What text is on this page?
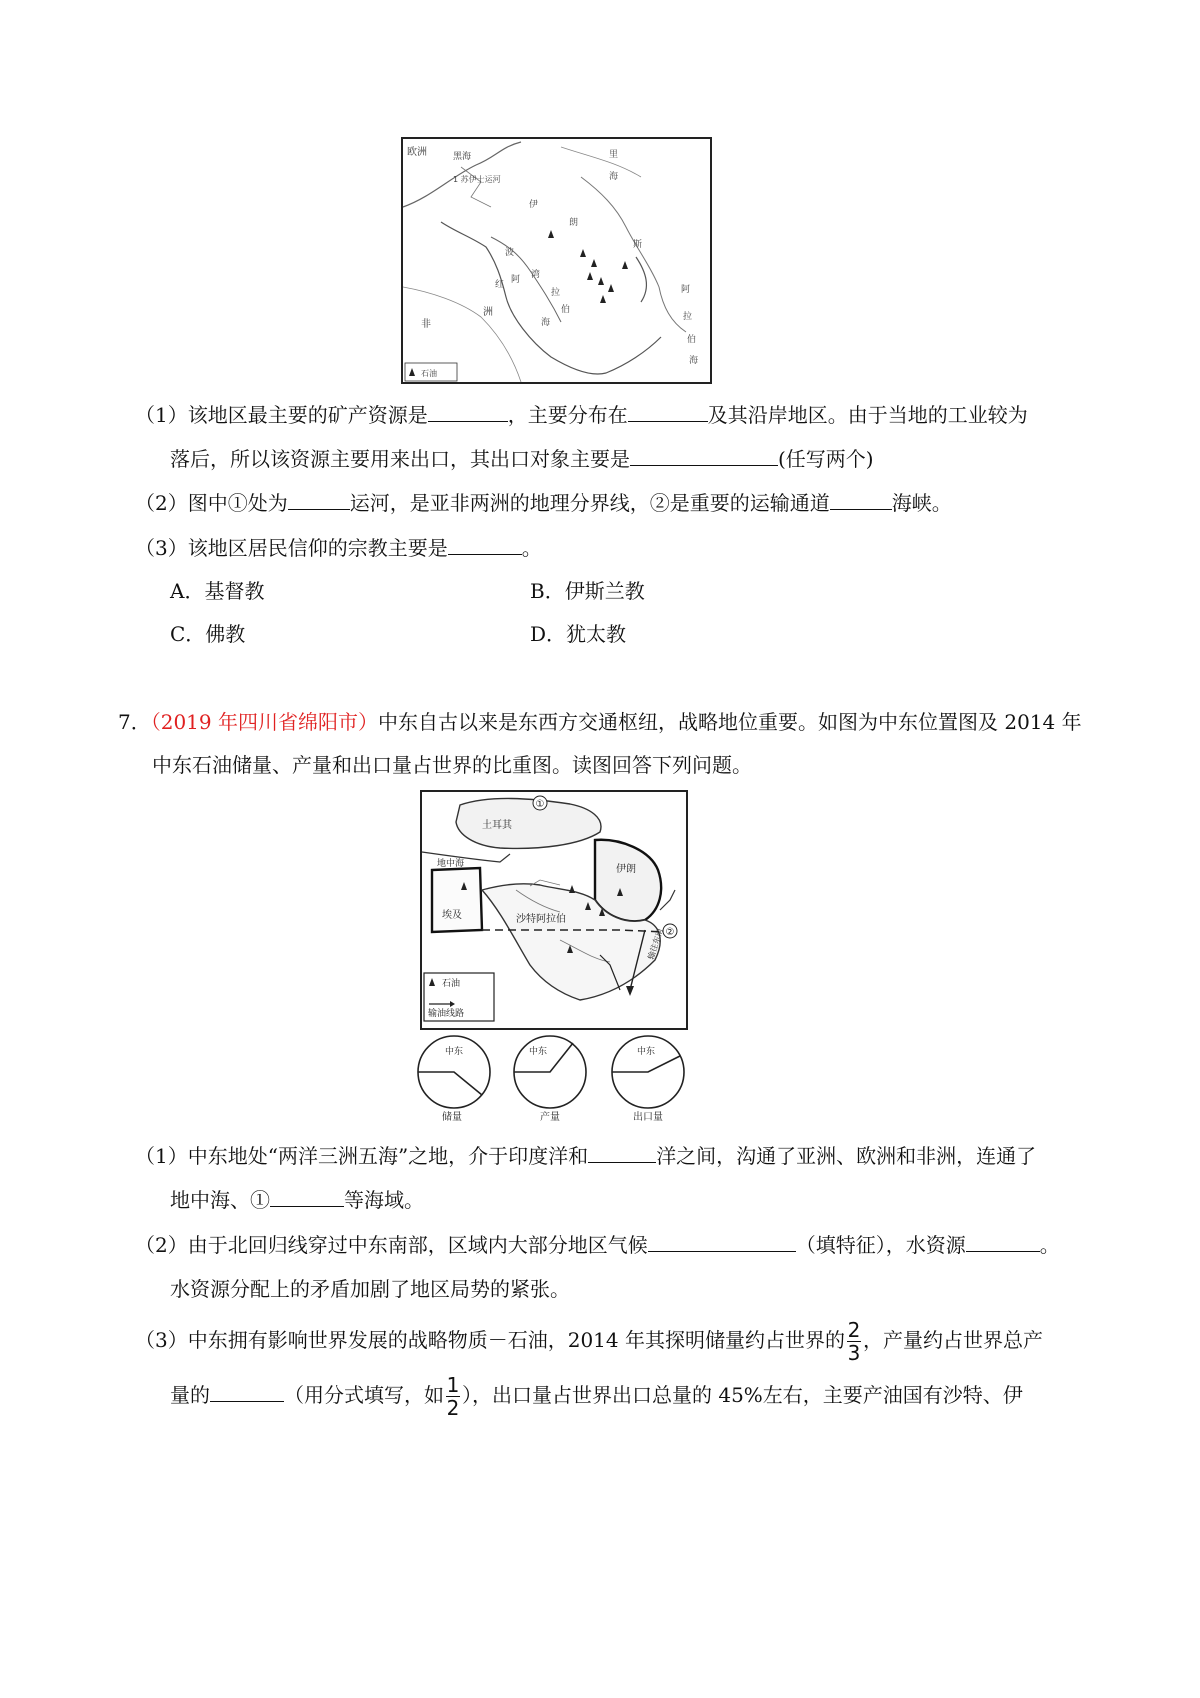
欧洲	黑海
1 苏伊士运河
里
海
伊
朗
波
斯
湾
阿
拉
伯
非
洲
海
红	阿
拉
伯
海
石油
（1）该地区最主要的矿产资源是	，主要分布在	及其沿岸地区。由于当地的工业较为
落后，所以该资源主要用来出口，其出口对象主要是	(任写两个)
（2）图中①处为	运河，是亚非两洲的地理分界线，②是重要的运输通道	海峡。
（3）该地区居民信仰的宗教主要是	。
A．基督教	B．伊斯兰教
C．佛教	D．犹太教
7．（2019 年四川省绵阳市）中东自古以来是东西方交通枢纽，战略地位重要。如图为中东位置图及 2014 年
中东石油储量、产量和出口量占世界的比重图。读图回答下列问题。
①
②
土耳其
地中海	伊朗
埃及	沙特阿拉伯
输往东南
石油
输油线路
中东
储量
中东
产量
中东
出口量
（1）中东地处“两洋三洲五海”之地，介于印度洋和	洋之间，沟通了亚洲、欧洲和非洲，连通了
地中海、①	等海域。
（2）由于北回归线穿过中东南部，区域内大部分地区气候	（填特征），水资源	。
水资源分配上的矛盾加剧了地区局势的紧张。
（3）中东拥有影响世界发展的战略物质－石油，2014 年其探明储量约占世界的 $\frac{2}{3}$ ，产量约占世界总产
量的	（用分式填写，如 $\frac{1}{2}$ ），出口量占世界出口总量的 45%左右，主要产油国有沙特、伊
